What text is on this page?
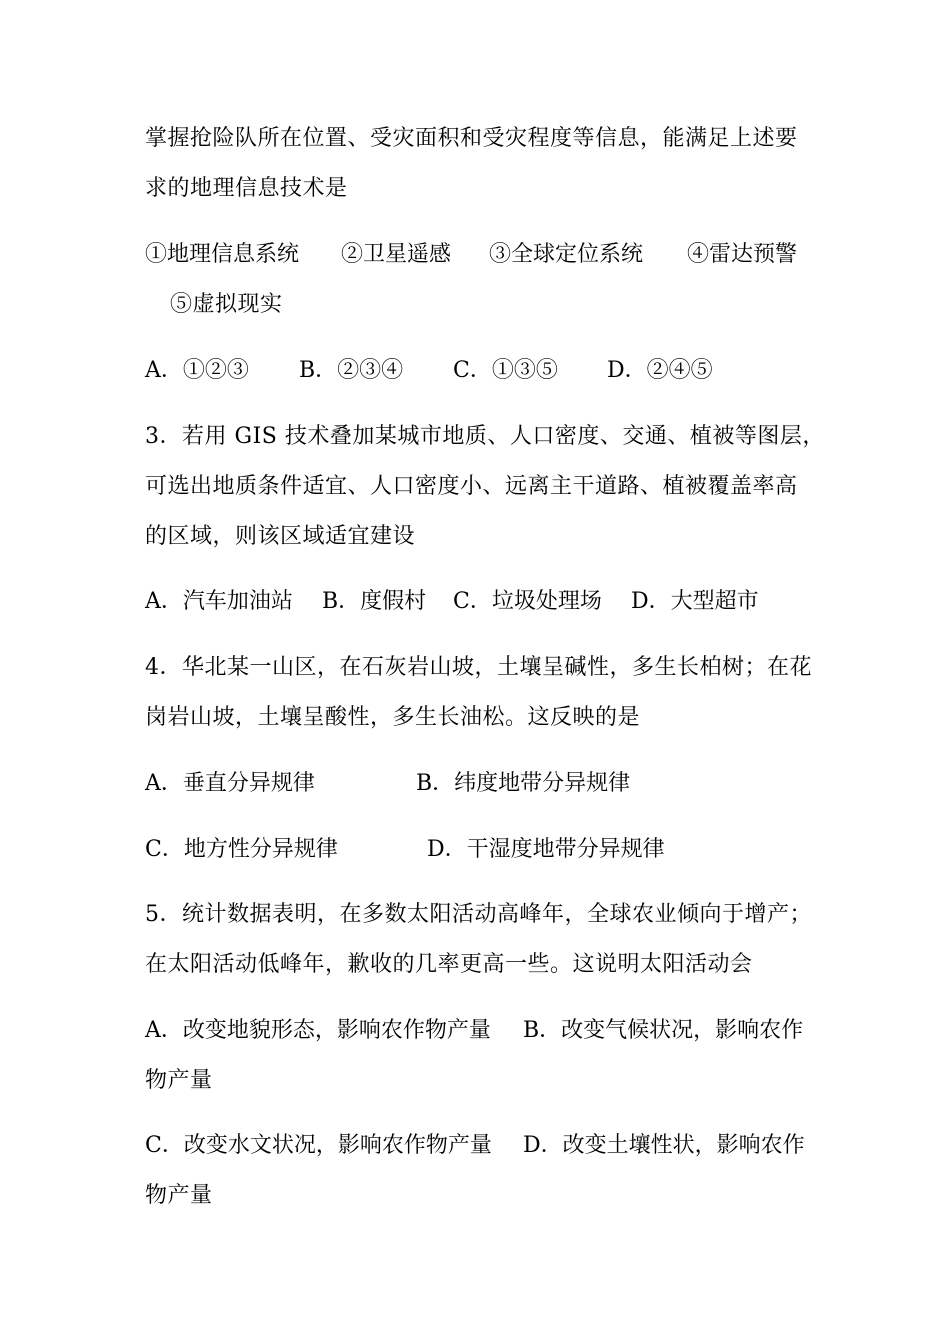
掌握抢险队所在位置、受灾面积和受灾程度等信息，能满足上述要
求的地理信息技术是
①地理信息系统 ②卫星遥感 ③全球定位系统 ④雷达预警
⑤虚拟现实
A．①②③ B．②③④ C．①③⑤ D．②④⑤
3．若用 GIS 技术叠加某城市地质、人口密度、交通、植被等图层，
可选出地质条件适宜、人口密度小、远离主干道路、植被覆盖率高
的区域，则该区域适宜建设
A．汽车加油站 B．度假村 C．垃圾处理场 D．大型超市
4．华北某一山区，在石灰岩山坡，土壤呈碱性，多生长柏树；在花
岗岩山坡，土壤呈酸性，多生长油松。这反映的是
A．垂直分异规律	B．纬度地带分异规律
C．地方性分异规律	D．干湿度地带分异规律
5．统计数据表明，在多数太阳活动高峰年，全球农业倾向于增产；
在太阳活动低峰年，歉收的几率更高一些。这说明太阳活动会
A．改变地貌形态，影响农作物产量 B．改变气候状况，影响农作
物产量
C．改变水文状况，影响农作物产量 D．改变土壤性状，影响农作
物产量
